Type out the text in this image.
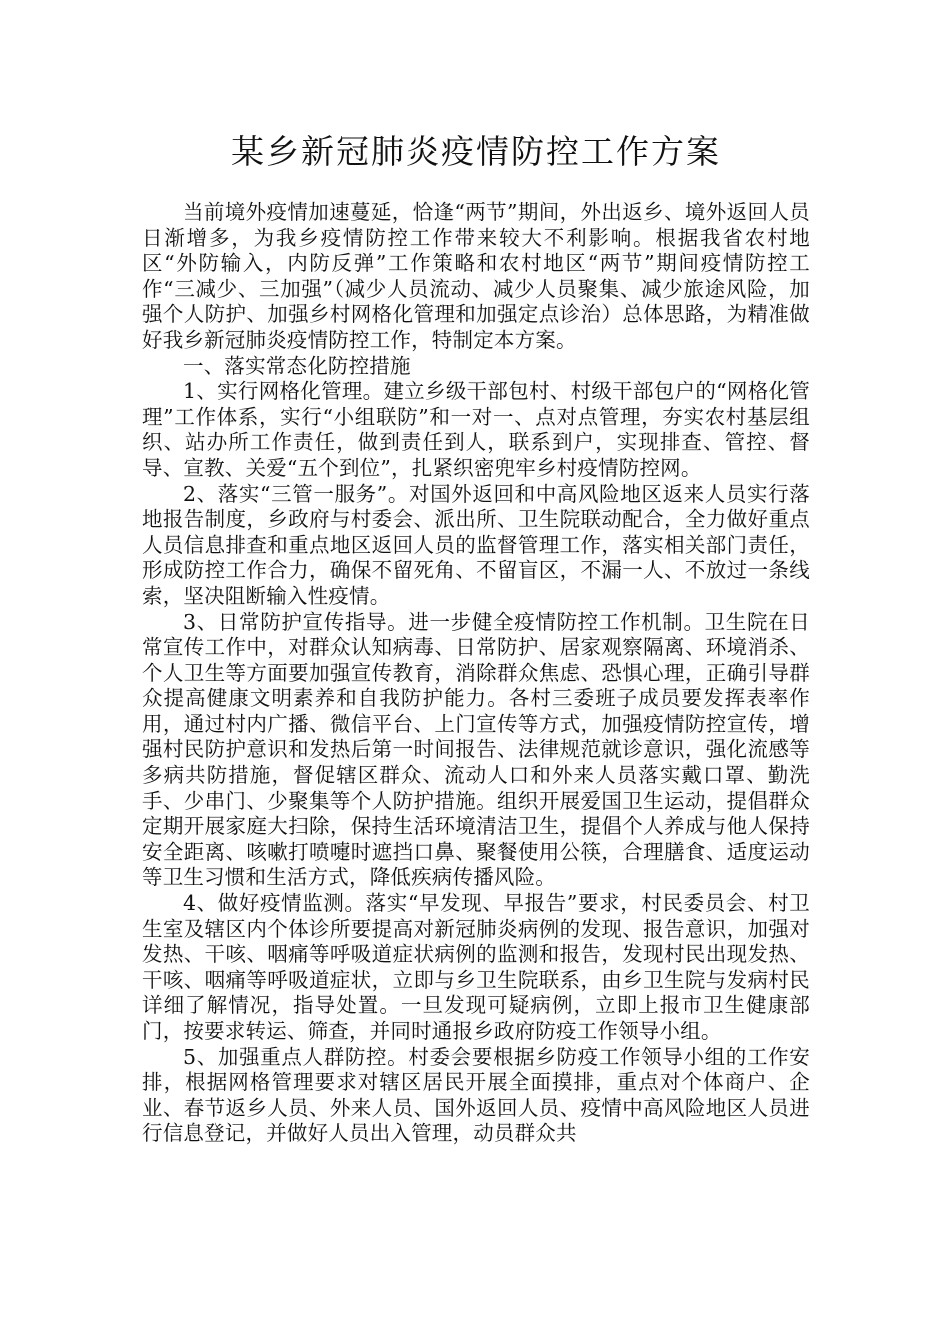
某乡新冠肺炎疫情防控工作方案

当前境外疫情加速蔓延，恰逢“两节”期间，外出返乡、境外返回人员日渐增多，为我乡疫情防控工作带来较大不利影响。根据我省农村地区“外防输入，内防反弹”工作策略和农村地区“两节”期间疫情防控工作“三减少、三加强”（减少人员流动、减少人员聚集、减少旅途风险，加强个人防护、加强乡村网格化管理和加强定点诊治）总体思路，为精准做好我乡新冠肺炎疫情防控工作，特制定本方案。

一、落实常态化防控措施

1、实行网格化管理。建立乡级干部包村、村级干部包户的“网格化管理”工作体系，实行“小组联防”和一对一、点对点管理，夯实农村基层组织、站办所工作责任，做到责任到人，联系到户，实现排查、管控、督导、宣教、关爱“五个到位”，扎紧织密兜牢乡村疫情防控网。

2、落实“三管一服务”。对国外返回和中高风险地区返来人员实行落地报告制度，乡政府与村委会、派出所、卫生院联动配合，全力做好重点人员信息排查和重点地区返回人员的监督管理工作，落实相关部门责任，形成防控工作合力，确保不留死角、不留盲区，不漏一人、不放过一条线索，坚决阻断输入性疫情。

3、日常防护宣传指导。进一步健全疫情防控工作机制。卫生院在日常宣传工作中，对群众认知病毒、日常防护、居家观察隔离、环境消杀、个人卫生等方面要加强宣传教育，消除群众焦虑、恐惧心理，正确引导群众提高健康文明素养和自我防护能力。各村三委班子成员要发挥表率作用，通过村内广播、微信平台、上门宣传等方式，加强疫情防控宣传，增强村民防护意识和发热后第一时间报告、法律规范就诊意识，强化流感等多病共防措施，督促辖区群众、流动人口和外来人员落实戴口罩、勤洗手、少串门、少聚集等个人防护措施。组织开展爱国卫生运动，提倡群众定期开展家庭大扫除，保持生活环境清洁卫生，提倡个人养成与他人保持安全距离、咳嗽打喷嚏时遮挡口鼻、聚餐使用公筷，合理膳食、适度运动等卫生习惯和生活方式，降低疾病传播风险。

4、做好疫情监测。落实“早发现、早报告”要求，村民委员会、村卫生室及辖区内个体诊所要提高对新冠肺炎病例的发现、报告意识，加强对发热、干咳、咽痛等呼吸道症状病例的监测和报告，发现村民出现发热、干咳、咽痛等呼吸道症状，立即与乡卫生院联系，由乡卫生院与发病村民详细了解情况，指导处置。一旦发现可疑病例，立即上报市卫生健康部门，按要求转运、筛查，并同时通报乡政府防疫工作领导小组。

5、加强重点人群防控。村委会要根据乡防疫工作领导小组的工作安排，根据网格管理要求对辖区居民开展全面摸排，重点对个体商户、企业、春节返乡人员、外来人员、国外返回人员、疫情中高风险地区人员进行信息登记，并做好人员出入管理，动员群众共
